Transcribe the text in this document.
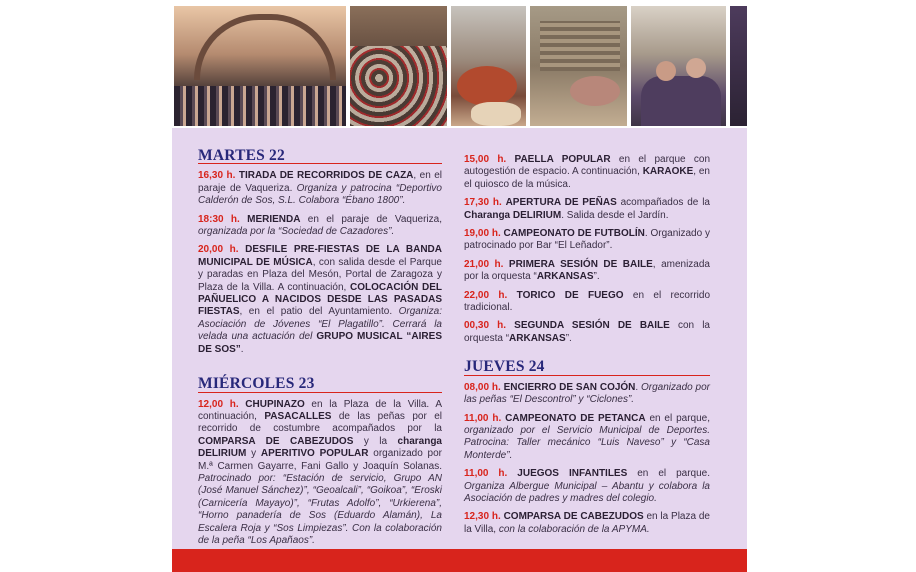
MARTES 22

16,30 h. TIRADA DE RECORRIDOS DE CAZA, en el paraje de Vaqueriza. Organiza y patrocina “Deportivo Calderón de Sos, S.L. Colabora “Ébano 1800”.

18:30 h. MERIENDA en el paraje de Vaqueriza, organizada por la “Sociedad de Cazadores”.

20,00 h. DESFILE PRE-FIESTAS DE LA BANDA MUNICIPAL DE MÚSICA, con salida desde el Parque y paradas en Plaza del Mesón, Portal de Zaragoza y Plaza de la Villa. A continuación, COLOCACIÓN DEL PAÑUELICO A NACIDOS DESDE LAS PASADAS FIESTAS, en el patio del Ayuntamiento. Organiza: Asociación de Jóvenes “El Plagatillo”. Cerrará la velada una actuación del GRUPO MUSICAL “AIRES DE SOS”.

MIÉRCOLES 23

12,00 h. CHUPINAZO en la Plaza de la Villa. A continuación, PASACALLES de las peñas por el recorrido de costumbre acompañados por la COMPARSA DE CABEZUDOS y la charanga DELIRIUM y APERITIVO POPULAR organizado por M.ª Carmen Gayarre, Fani Gallo y Joaquín Solanas. Patrocinado por: “Estación de servicio, Grupo AN (José Manuel Sánchez)”, “Geoalcali”, “Goikoa”, “Eroski (Carnicería Mayayo)”, “Frutas Adolfo”, “Urkierena”, “Horno panadería de Sos (Eduardo Alamán), La Escalera Roja y “Sos Limpiezas”. Con la colaboración de la peña “Los Apañaos”.

15,00 h. PAELLA POPULAR en el parque con autogestión de espacio. A continuación, KARAOKE, en el quiosco de la música.

17,30 h. APERTURA DE PEÑAS acompañados de la Charanga DELIRIUM. Salida desde el Jardín.

19,00 h. CAMPEONATO DE FUTBOLÍN. Organizado y patrocinado por Bar “El Leñador”.

21,00 h. PRIMERA SESIÓN DE BAILE, amenizada por la orquesta “ARKANSAS”.

22,00 h. TORICO DE FUEGO en el recorrido tradicional.

00,30 h. SEGUNDA SESIÓN DE BAILE con la orquesta “ARKANSAS”.

JUEVES 24

08,00 h. ENCIERRO DE SAN COJÓN. Organizado por las peñas “El Descontrol” y “Ciclones”.

11,00 h. CAMPEONATO DE PETANCA en el parque, organizado por el Servicio Municipal de Deportes. Patrocina: Taller mecánico “Luis Naveso” y “Casa Monterde”.

11,00 h. JUEGOS INFANTILES en el parque. Organiza Albergue Municipal – Abantu y colabora la Asociación de padres y madres del colegio.

12,30 h. COMPARSA DE CABEZUDOS en la Plaza de la Villa, con la colaboración de la APYMA.
